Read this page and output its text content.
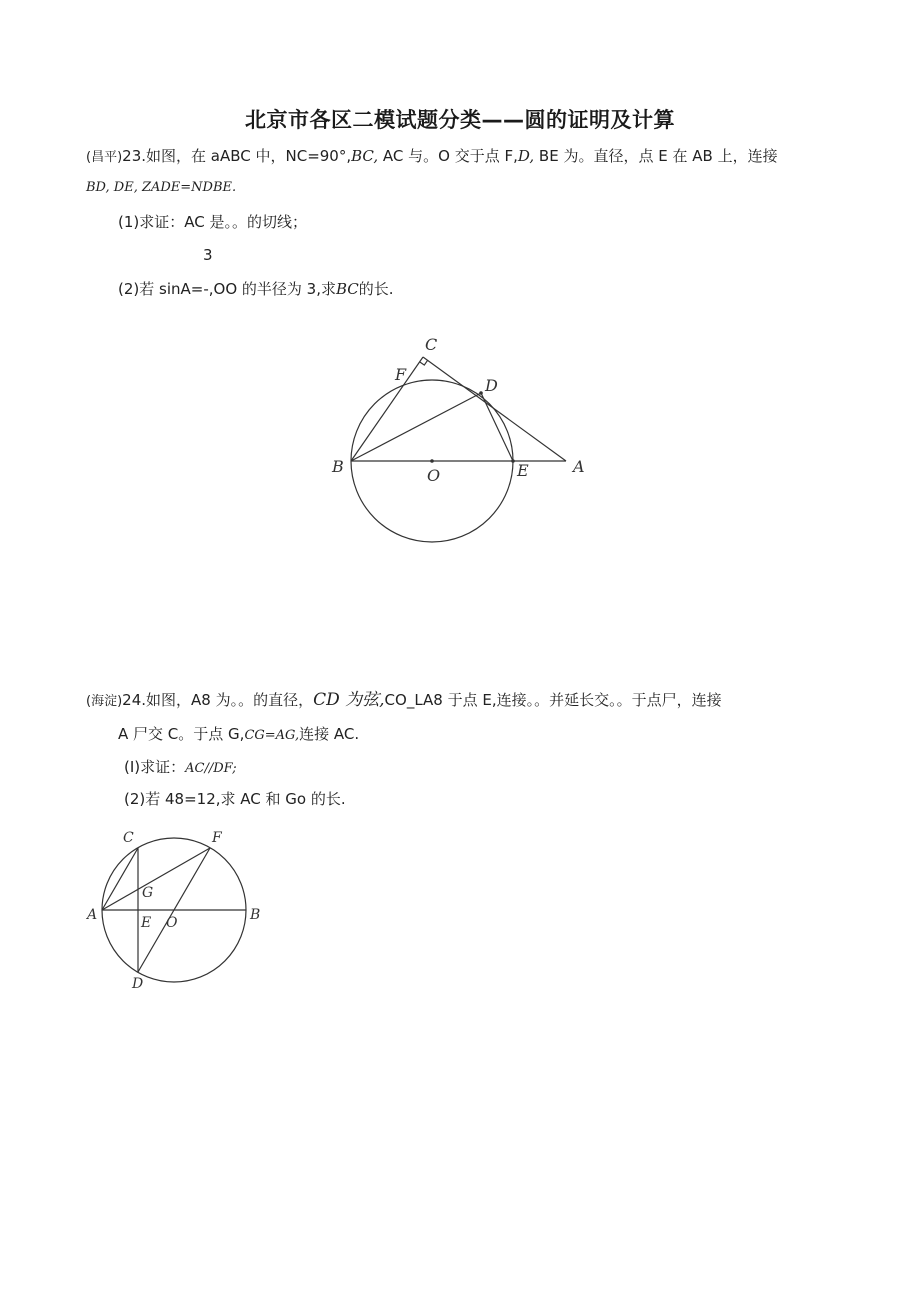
北京市各区二模试题分类——圆的证明及计算
(昌平)23.如图，在 aABC 中，NC=90°,BC, AC 与。O 交于点 F,D, BE 为。直径，点 E 在 AB 上，连接
BD, DE, ZADE=NDBE.
(1)求证：AC 是。。的切线；
3
(2)若 sinA=-,OO 的半径为 3,求BC的长.
C
F
D
B	O	E	A
(海淀)24.如图，A8 为。。的直径，CD 为弦,CO_LA8 于点 E,连接。。并延长交。。于点尸，连接
A 尸交 C。于点 G,CG=AG,连接 AC.
(I)求证：AC//DF;
(2)若 48=12,求 AC 和 Go 的长.
C	F
G
A	E O	B
D
